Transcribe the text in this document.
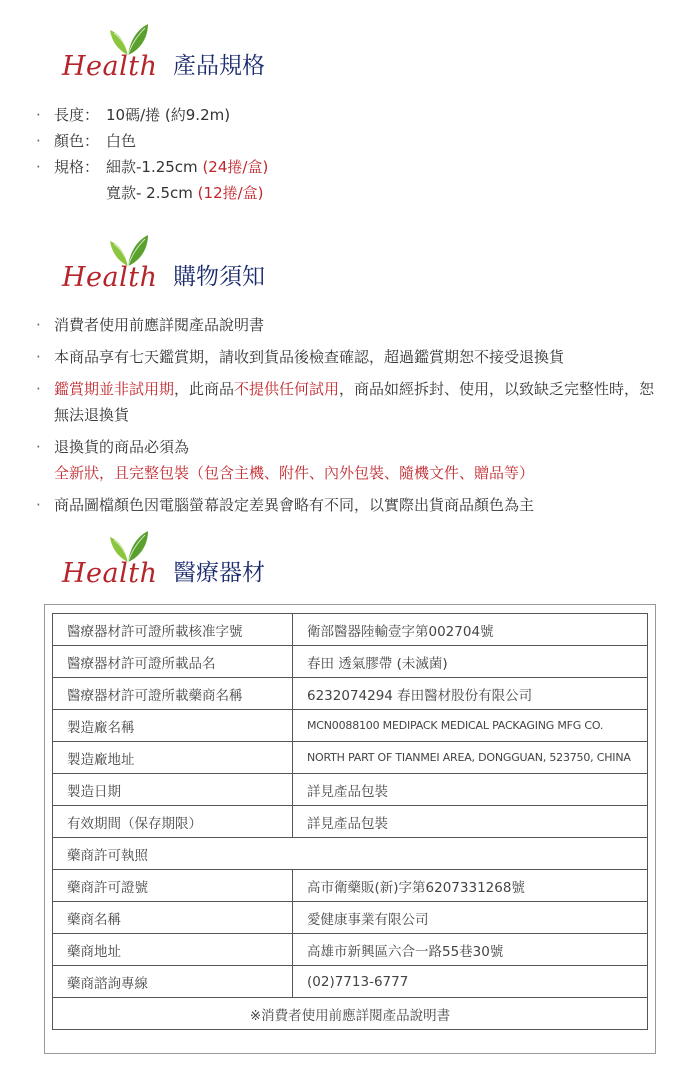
Health 產品規格
· 長度： 10碼/捲 (約9.2m)
· 顏色： 白色
· 規格： 細款-1.25cm (24捲/盒)
寬款- 2.5cm (12捲/盒)
Health 購物須知
· 消費者使用前應詳閱產品說明書
· 本商品享有七天鑑賞期，請收到貨品後檢查確認，超過鑑賞期恕不接受退換貨
· 鑑賞期並非試用期，此商品不提供任何試用，商品如經拆封、使用，以致缺乏完整性時，恕無法退換貨
· 退換貨的商品必須為全新狀，且完整包裝（包含主機、附件、內外包裝、隨機文件、贈品等）
· 商品圖檔顏色因電腦螢幕設定差異會略有不同，以實際出貨商品顏色為主
Health 醫療器材
醫療器材許可證所載核准字號	衛部醫器陸輸壹字第002704號
醫療器材許可證所載品名	春田 透氣膠帶 (未滅菌)
醫療器材許可證所載藥商名稱	6232074294 春田醫材股份有限公司
製造廠名稱	MCN0088100 MEDIPACK MEDICAL PACKAGING MFG CO.
製造廠地址	NORTH PART OF TIANMEI AREA, DONGGUAN, 523750, CHINA
製造日期	詳見產品包裝
有效期間（保存期限）	詳見產品包裝
藥商許可執照	
藥商許可證號	高市衛藥販(新)字第6207331268號
藥商名稱	愛健康事業有限公司
藥商地址	高雄市新興區六合一路55巷30號
藥商諮詢專線	(02)7713-6777
※消費者使用前應詳閱產品說明書	
